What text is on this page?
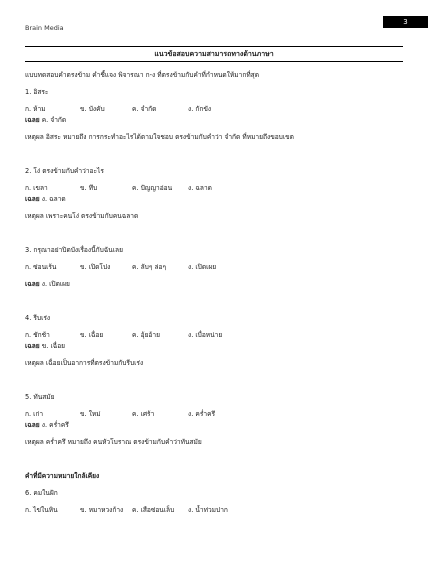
Brain Media
3
แนวข้อสอบความสามารถทางด้านภาษา
แบบทดสอบคำตรงข้าม คำชี้แจง พิจารณา ก-ง ที่ตรงข้ามกับคำที่กำหนดให้มากที่สุด
1. อิสระ
ก. ห้าม	ข. บังคับ	ค. จำกัด	ง. กักขัง
เฉลย ค. จำกัด
เหตุผล อิสระ หมายถึง การกระทำอะไรได้ตามใจชอบ ตรงข้ามกับคำว่า จำกัด ที่หมายถึงขอบเขต
2. โง่ ตรงข้ามกับคำว่าอะไร
ก. เขลา	ข. ทึบ	ค. ปัญญาอ่อน ง. ฉลาด
เฉลย ง. ฉลาด
เหตุผล เพราะคนโง่ ตรงข้ามกับคนฉลาด
3. กรุณาอย่าปิดบังเรื่องนี้กับฉันเลย
ก. ซ่อนเร้น	ข. เปิดโปง	ค. ลับๆ ล่อๆ	ง. เปิดเผย
เฉลย ง. เปิดเผย
4. รีบเร่ง
ก. ชักช้า	ข. เฉื่อย	ค. อุ้ยอ้าย	ง. เบื่อหน่าย
เฉลย ข. เฉื่อย
เหตุผล เฉื่อยเป็นอาการที่ตรงข้ามกับรีบเร่ง
5. ทันสมัย
ก. เก่า	ข. ใหม่	ค. เศร้า	ง. คร่ำครึ
เฉลย ง. คร่ำครึ
เหตุผล คร่ำครึ หมายถึง คนหัวโบราณ ตรงข้ามกับคำว่าทันสมัย
คำที่มีความหมายใกล้เคียง
6. คมในฝัก
ก. ไข่ในหิน	ข. หมาหวงก้าง ค. เสือซ่อนเล็บ ง. น้ำท่วมปาก
